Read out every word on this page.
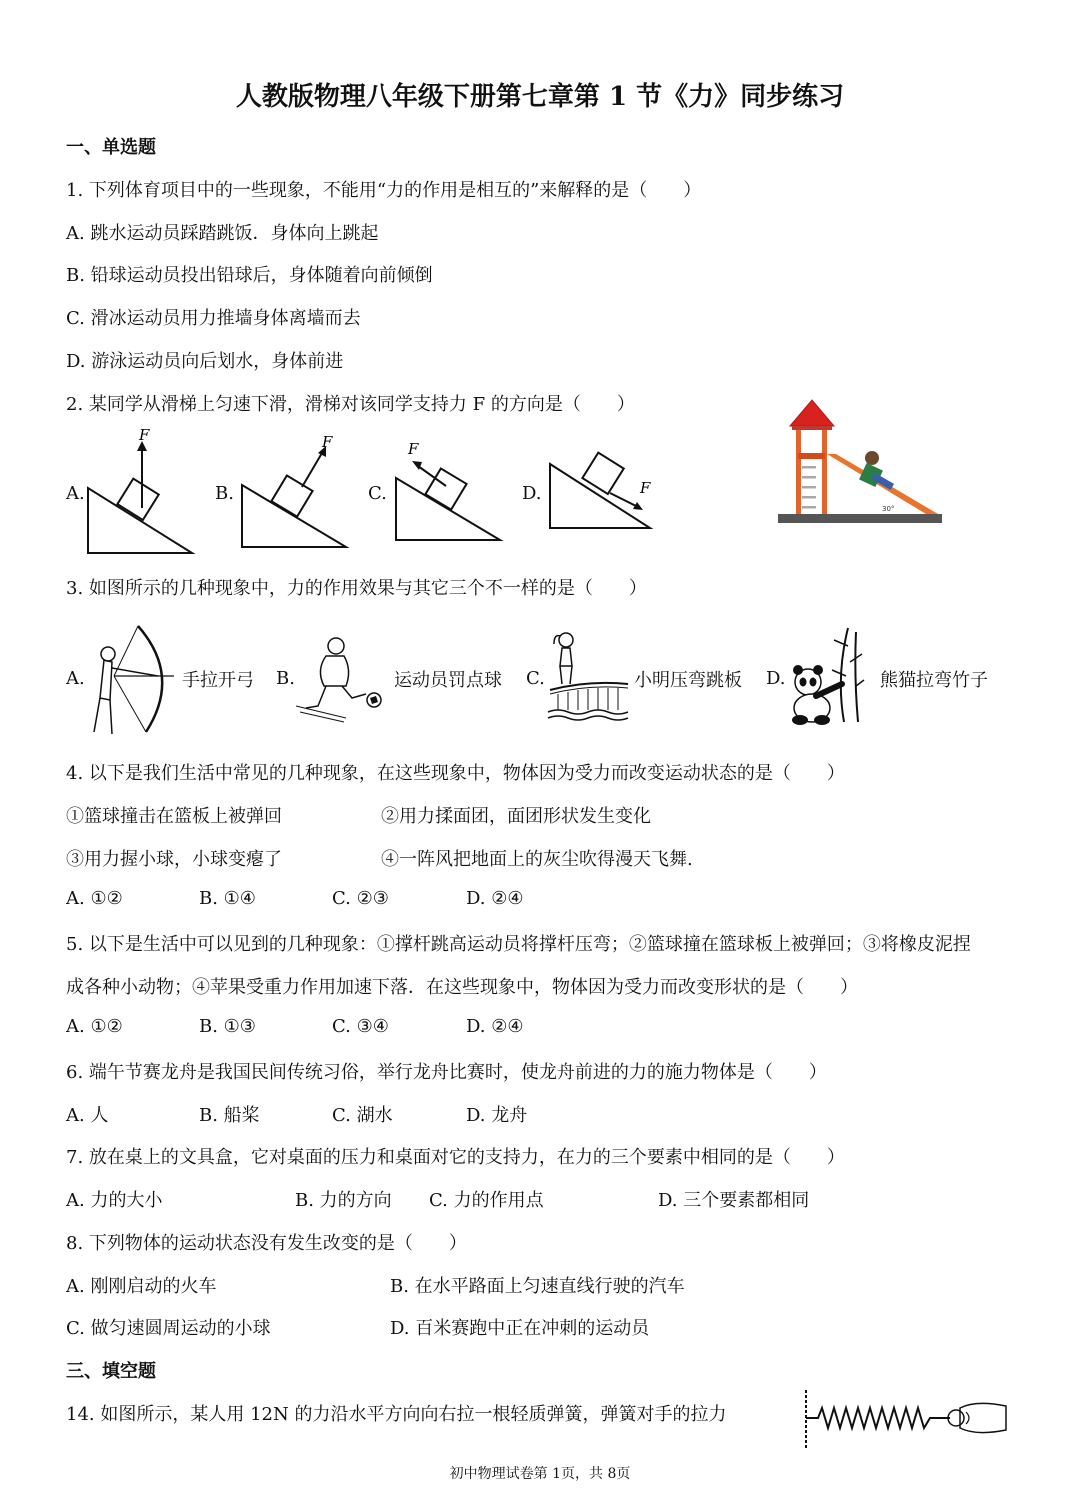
人教版物理八年级下册第七章第 1 节《力》同步练习
一、单选题
1. 下列体育项目中的一些现象，不能用“力的作用是相互的”来解释的是（　　）
A. 跳水运动员踩踏跳饭．身体向上跳起
B. 铅球运动员投出铅球后，身体随着向前倾倒
C. 滑冰运动员用力推墙身体离墙而去
D. 游泳运动员向后划水，身体前进
2. 某同学从滑梯上匀速下滑，滑梯对该同学支持力 F 的方向是（　　）
A.
F
B.
F
C.
F
D.	F
30°
3. 如图所示的几种现象中，力的作用效果与其它三个不一样的是（　　）
A.	手拉开弓 B.	运动员罚点球 C.	小明压弯跳板 D.	熊猫拉弯竹子
4. 以下是我们生活中常见的几种现象，在这些现象中，物体因为受力而改变运动状态的是（　　）
①篮球撞击在篮板上被弹回	②用力揉面团，面团形状发生变化
③用力握小球，小球变瘪了	④一阵风把地面上的灰尘吹得漫天飞舞.
A. ①②	B. ①④	C. ②③	D. ②④
5. 以下是生活中可以见到的几种现象：①撑杆跳高运动员将撑杆压弯；②篮球撞在篮球板上被弹回；③将橡皮泥捏
成各种小动物；④苹果受重力作用加速下落．在这些现象中，物体因为受力而改变形状的是（　　）
A. ①②	B. ①③	C. ③④	D. ②④
6. 端午节赛龙舟是我国民间传统习俗，举行龙舟比赛时，使龙舟前进的力的施力物体是（　　）
A. 人	B. 船桨	C. 湖水	D. 龙舟
7. 放在桌上的文具盒，它对桌面的压力和桌面对它的支持力，在力的三个要素中相同的是（　　）
A. 力的大小	B. 力的方向 C. 力的作用点	D. 三个要素都相同
8. 下列物体的运动状态没有发生改变的是（　　）
A. 刚刚启动的火车	B. 在水平路面上匀速直线行驶的汽车
C. 做匀速圆周运动的小球	D. 百米赛跑中正在冲刺的运动员
三、填空题
14. 如图所示，某人用 12N 的力沿水平方向向右拉一根轻质弹簧，弹簧对手的拉力
初中物理试卷第 1页，共 8页
